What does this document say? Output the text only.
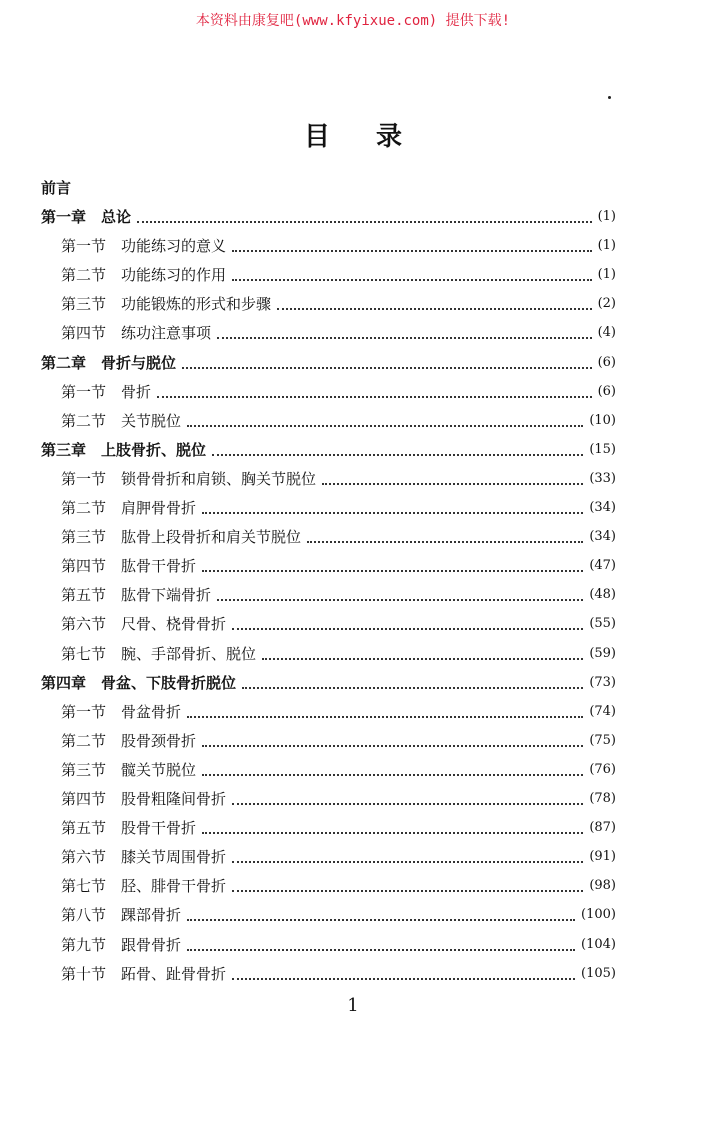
本资料由康复吧(www.kfyixue.com) 提供下载!
目录
前言
第一章　总论	(1)
第一节　功能练习的意义	(1)
第二节　功能练习的作用	(1)
第三节　功能锻炼的形式和步骤	(2)
第四节　练功注意事项	(4)
第二章　骨折与脱位	(6)
第一节　骨折	(6)
第二节　关节脱位	(10)
第三章　上肢骨折、脱位	(15)
第一节　锁骨骨折和肩锁、胸关节脱位	(33)
第二节　肩胛骨骨折	(34)
第三节　肱骨上段骨折和肩关节脱位	(34)
第四节　肱骨干骨折	(47)
第五节　肱骨下端骨折	(48)
第六节　尺骨、桡骨骨折	(55)
第七节　腕、手部骨折、脱位	(59)
第四章　骨盆、下肢骨折脱位	(73)
第一节　骨盆骨折	(74)
第二节　股骨颈骨折	(75)
第三节　髋关节脱位	(76)
第四节　股骨粗隆间骨折	(78)
第五节　股骨干骨折	(87)
第六节　膝关节周围骨折	(91)
第七节　胫、腓骨干骨折	(98)
第八节　踝部骨折	(100)
第九节　跟骨骨折	(104)
第十节　跖骨、趾骨骨折	(105)
1
